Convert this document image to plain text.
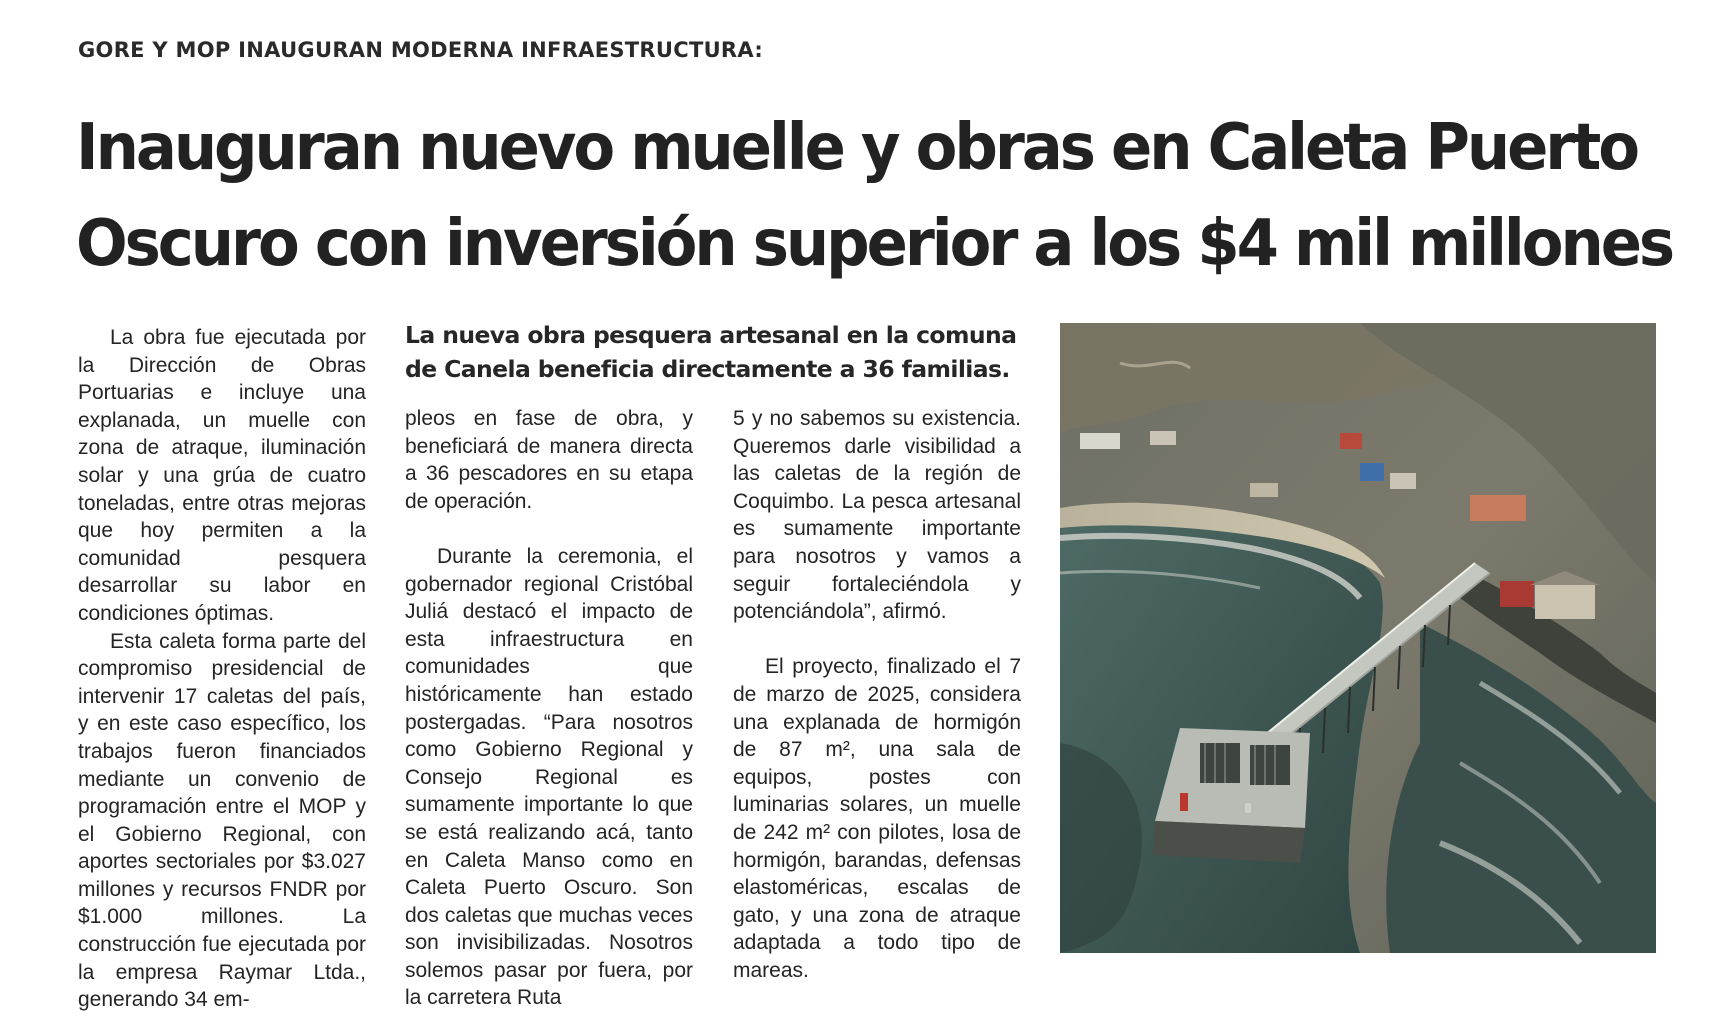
GORE Y MOP INAUGURAN MODERNA INFRAESTRUCTURA:
Inauguran nuevo muelle y obras en Caleta Puerto
Oscuro con inversión superior a los $4 mil millones

La obra fue ejecutada por la Dirección de Obras Portuarias e incluye una explanada, un muelle con zona de atraque, iluminación solar y una grúa de cuatro toneladas, entre otras mejoras que hoy permiten a la comunidad pesquera desarrollar su labor en condiciones óptimas.

Esta caleta forma parte del compromiso presidencial de intervenir 17 caletas del país, y en este caso específico, los trabajos fueron financiados mediante un convenio de programación entre el MOP y el Gobierno Regional, con aportes sectoriales por $3.027 millones y recursos FNDR por $1.000 millones. La construcción fue ejecutada por la empresa Raymar Ltda., generando 34 em-

La nueva obra pesquera artesanal en la comuna de Canela beneficia directamente a 36 familias.

pleos en fase de obra, y beneficiará de manera directa a 36 pescadores en su etapa de operación.

Durante la ceremonia, el gobernador regional Cristóbal Juliá destacó el impacto de esta infraestructura en comunidades que históricamente han estado postergadas. “Para nosotros como Gobierno Regional y Consejo Regional es sumamente importante lo que se está realizando acá, tanto en Caleta Manso como en Caleta Puerto Oscuro. Son dos caletas que muchas veces son invisibilizadas. Nosotros solemos pasar por fuera, por la carretera Ruta

5 y no sabemos su existencia. Queremos darle visibilidad a las caletas de la región de Coquimbo. La pesca artesanal es sumamente importante para nosotros y vamos a seguir fortaleciéndola y potenciándola”, afirmó.

El proyecto, finalizado el 7 de marzo de 2025, considera una explanada de hormigón de 87 m², una sala de equipos, postes con luminarias solares, un muelle de 242 m² con pilotes, losa de hormigón, barandas, defensas elastoméricas, escalas de gato, y una zona de atraque adaptada a todo tipo de mareas.
